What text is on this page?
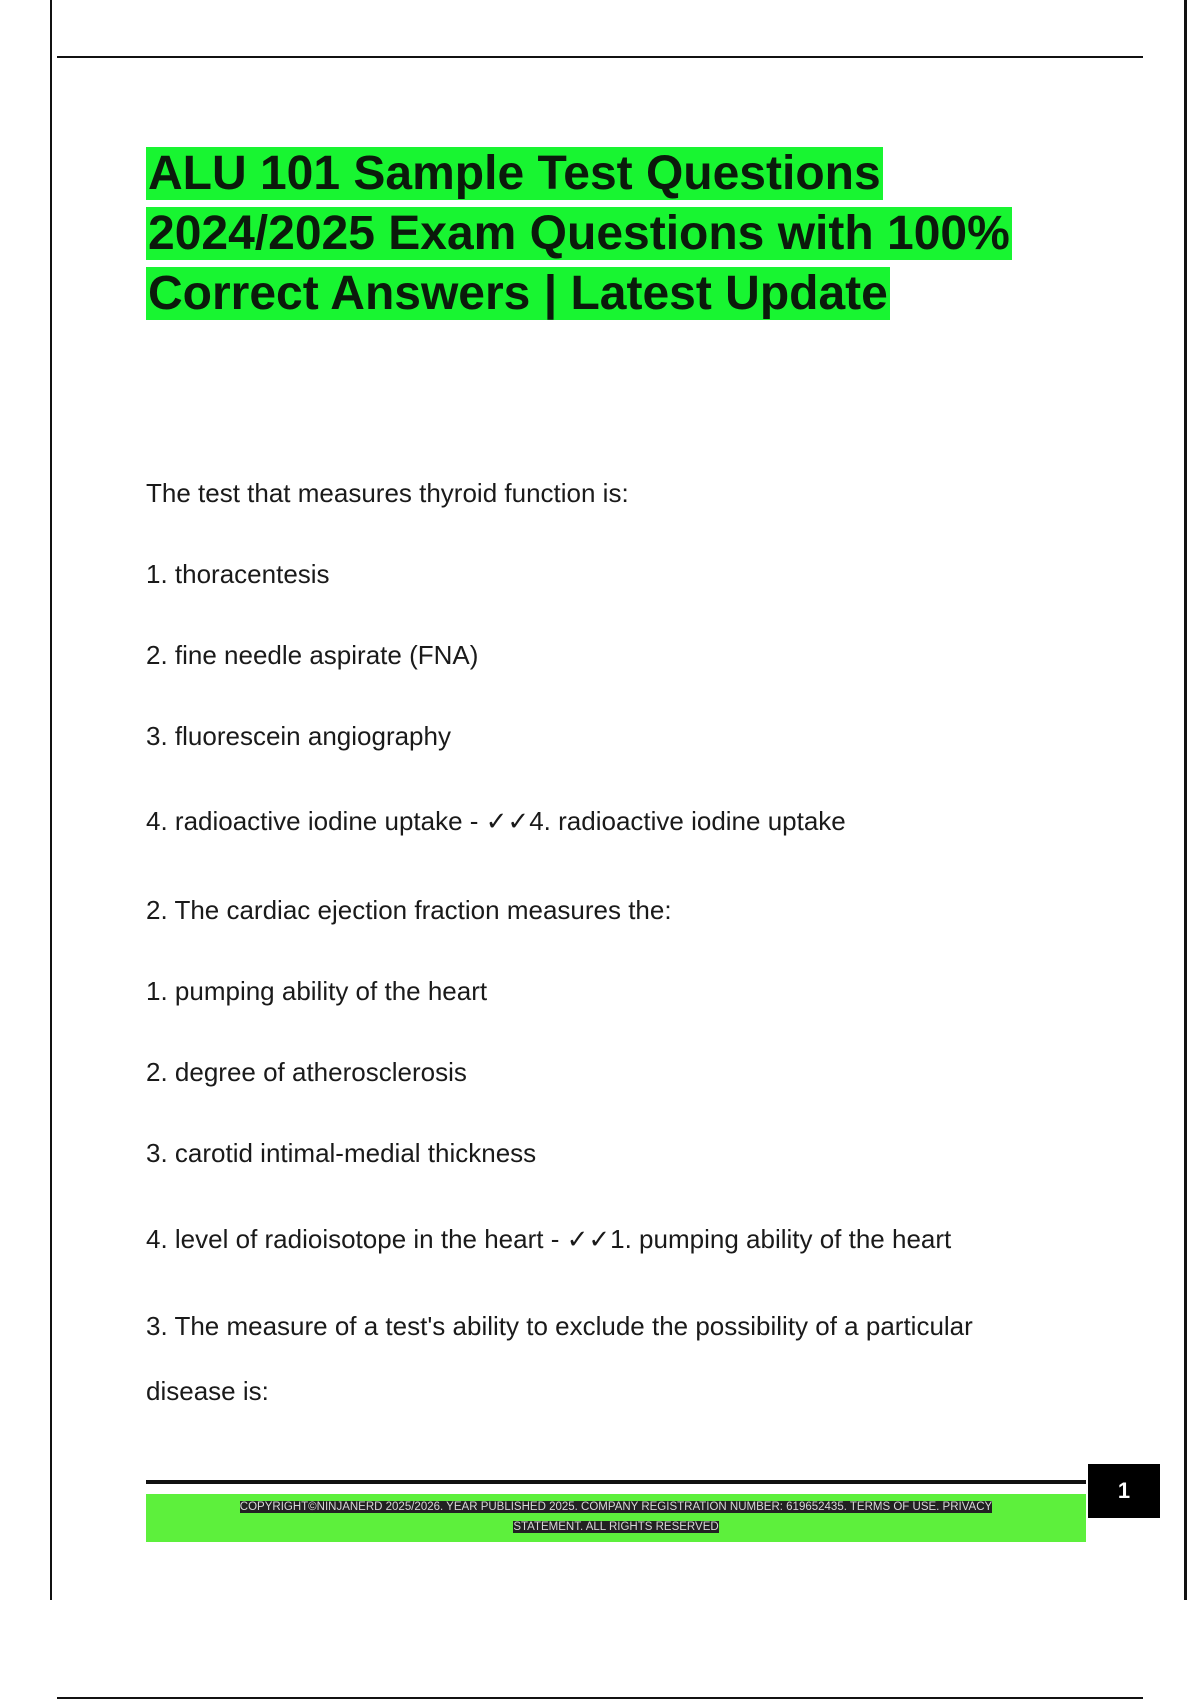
ALU 101 Sample Test Questions 2024/2025 Exam Questions with 100% Correct Answers | Latest Update

The test that measures thyroid function is:

1. thoracentesis

2. fine needle aspirate (FNA)

3. fluorescein angiography

4. radioactive iodine uptake - ✓✓4. radioactive iodine uptake

2. The cardiac ejection fraction measures the:

1. pumping ability of the heart

2. degree of atherosclerosis

3. carotid intimal-medial thickness

4. level of radioisotope in the heart - ✓✓1. pumping ability of the heart

3. The measure of a test's ability to exclude the possibility of a particular

disease is:

1
COPYRIGHT©NINJANERD 2025/2026. YEAR PUBLISHED 2025. COMPANY REGISTRATION NUMBER: 619652435. TERMS OF USE. PRIVACY
STATEMENT. ALL RIGHTS RESERVED
